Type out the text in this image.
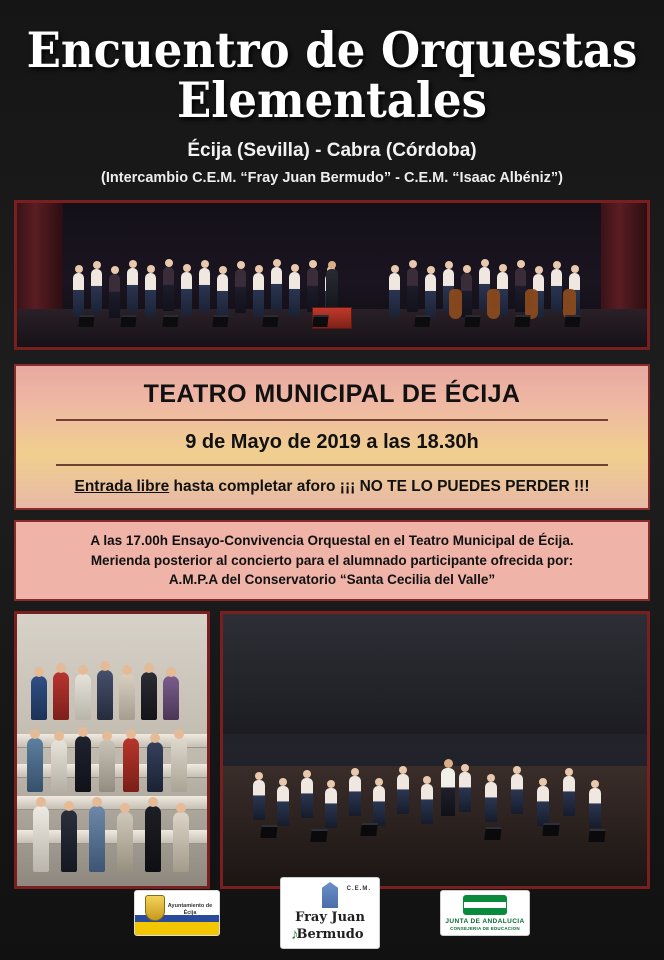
Encuentro de Orquestas
Elementales
Écija (Sevilla) - Cabra (Córdoba)
(Intercambio C.E.M. “Fray Juan Bermudo” - C.E.M. “Isaac Albéniz”)
TEATRO MUNICIPAL DE ÉCIJA
9 de Mayo de 2019 a las 18.30h
Entrada libre hasta completar aforo ¡¡¡ NO TE LO PUEDES PERDER !!!

A las 17.00h Ensayo-Convivencia Orquestal en el Teatro Municipal de Écija.

Merienda posterior al concierto para el alumnado participante ofrecida por:

A.M.P.A del Conservatorio “Santa Cecilia del Valle”

Ayuntamiento de
Écija
C.E.M.
Fray Juan
Bermudo
♪
JUNTA DE ANDALUCIA
CONSEJERIA DE EDUCACION
